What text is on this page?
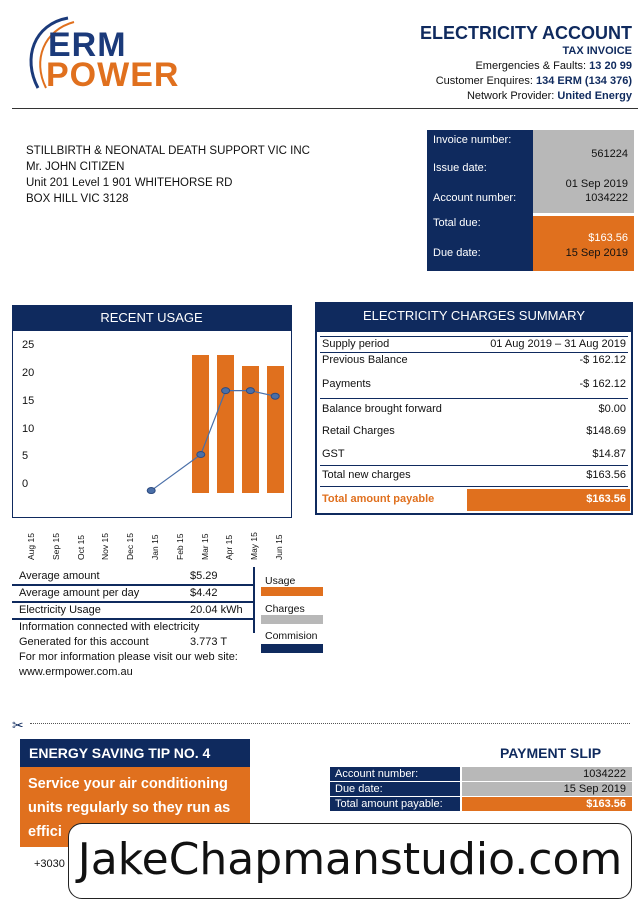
ERM
POWER
ELECTRICITY ACCOUNT
TAX INVOICE
Emergencies & Faults: 13 20 99
Customer Enquires: 134 ERM (134 376)
Network Provider: United Energy
STILLBIRTH & NEONATAL DEATH SUPPORT VIC INC
Mr. JOHN CITIZEN
Unit 201 Level 1 901 WHITEHORSE RD
BOX HILL VIC 3128
Invoice number:
561224
Issue date:
01 Sep 2019
Account number:	1034222
Total due:
$163.56
Due date:	15 Sep 2019
RECENT USAGE
25
20
15
10
5
0
Aug 15 Sep 15 Oct 15 Nov 15 Dec 15 Jan 15 Feb 15 Mar 15 Apr 15 May 15 Jun 15
ELECTRICITY CHARGES SUMMARY
Supply period	01 Aug 2019 – 31 Aug 2019
Previous Balance	-$ 162.12
Payments	-$ 162.12
Balance brought forward	$0.00
Retail Charges	$148.69
GST	$14.87
Total new charges	$163.56
Total amount payable	$163.56
Average amount	$5.29
Average amount per day	$4.42
Electricity Usage	20.04 kWh
Information connected with electricity
Generated for this account	3.773 T
For mor information please visit our web site:
www.ermpower.com.au
Usage
Charges
Commision
✂
ENERGY SAVING TIP NO. 4
Service your air conditioning units regularly so they run as effici
+3030
PAYMENT SLIP
Account number:	1034222
Due date:	15 Sep 2019
Total amount payable:	$163.56
JakeChapmanstudio.com
